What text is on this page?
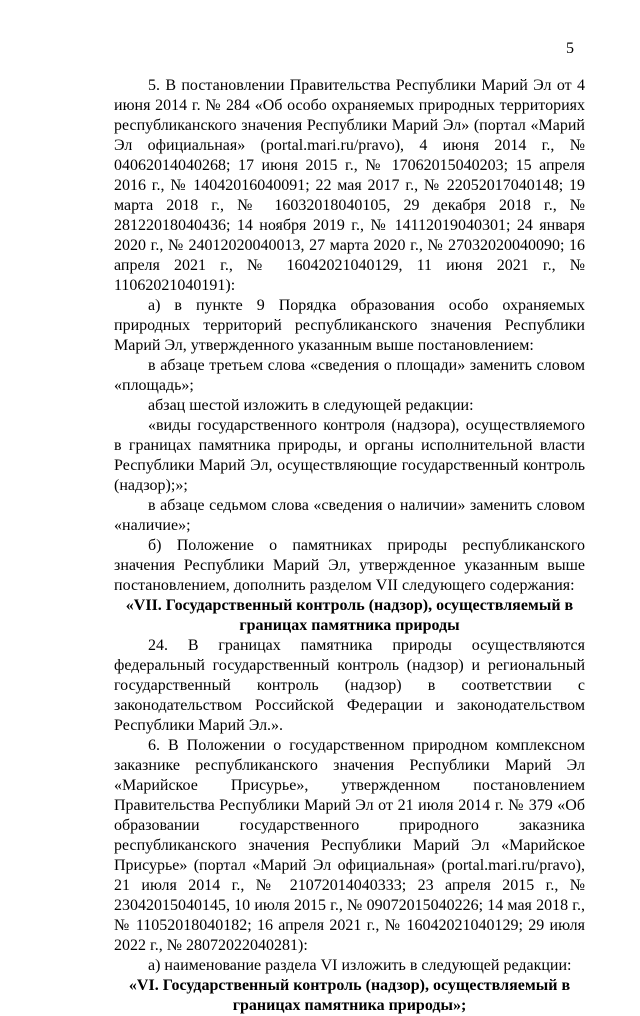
5

5. В постановлении Правительства Республики Марий Эл от 4 июня 2014 г. № 284 «Об особо охраняемых природных территориях республиканского значения Республики Марий Эл» (портал «Марий Эл официальная» (portal.mari.ru/pravo), 4 июня 2014 г., № 04062014040268; 17 июня 2015 г., № 17062015040203; 15 апреля 2016 г., № 14042016040091; 22 мая 2017 г., № 22052017040148; 19 марта 2018 г., № 16032018040105, 29 декабря 2018 г., № 28122018040436; 14 ноября 2019 г., № 14112019040301; 24 января 2020 г., № 24012020040013, 27 марта 2020 г., № 27032020040090; 16 апреля 2021 г., № 16042021040129, 11 июня 2021 г., № 11062021040191):

а) в пункте 9 Порядка образования особо охраняемых природных территорий республиканского значения Республики Марий Эл, утвержденного указанным выше постановлением:

в абзаце третьем слова «сведения о площади» заменить словом «площадь»;

абзац шестой изложить в следующей редакции:

«виды государственного контроля (надзора), осуществляемого в границах памятника природы, и органы исполнительной власти Республики Марий Эл, осуществляющие государственный контроль (надзор);»;

в абзаце седьмом слова «сведения о наличии» заменить словом «наличие»;

б) Положение о памятниках природы республиканского значения Республики Марий Эл, утвержденное указанным выше постановлением, дополнить разделом VII следующего содержания:

«VII. Государственный контроль (надзор), осуществляемый в границах памятника природы

24. В границах памятника природы осуществляются федеральный государственный контроль (надзор) и региональный государственный контроль (надзор) в соответствии с законодательством Российской Федерации и законодательством Республики Марий Эл.».

6. В Положении о государственном природном комплексном заказнике республиканского значения Республики Марий Эл «Марийское Присурье», утвержденном постановлением Правительства Республики Марий Эл от 21 июля 2014 г. № 379 «Об образовании государственного природного заказника республиканского значения Республики Марий Эл «Марийское Присурье» (портал «Марий Эл официальная» (portal.mari.ru/pravo), 21 июля 2014 г., № 21072014040333; 23 апреля 2015 г., № 23042015040145, 10 июля 2015 г., № 09072015040226; 14 мая 2018 г., № 11052018040182; 16 апреля 2021 г., № 16042021040129; 29 июля 2022 г., № 28072022040281):

а) наименование раздела VI изложить в следующей редакции:

«VI. Государственный контроль (надзор), осуществляемый в границах памятника природы»;
